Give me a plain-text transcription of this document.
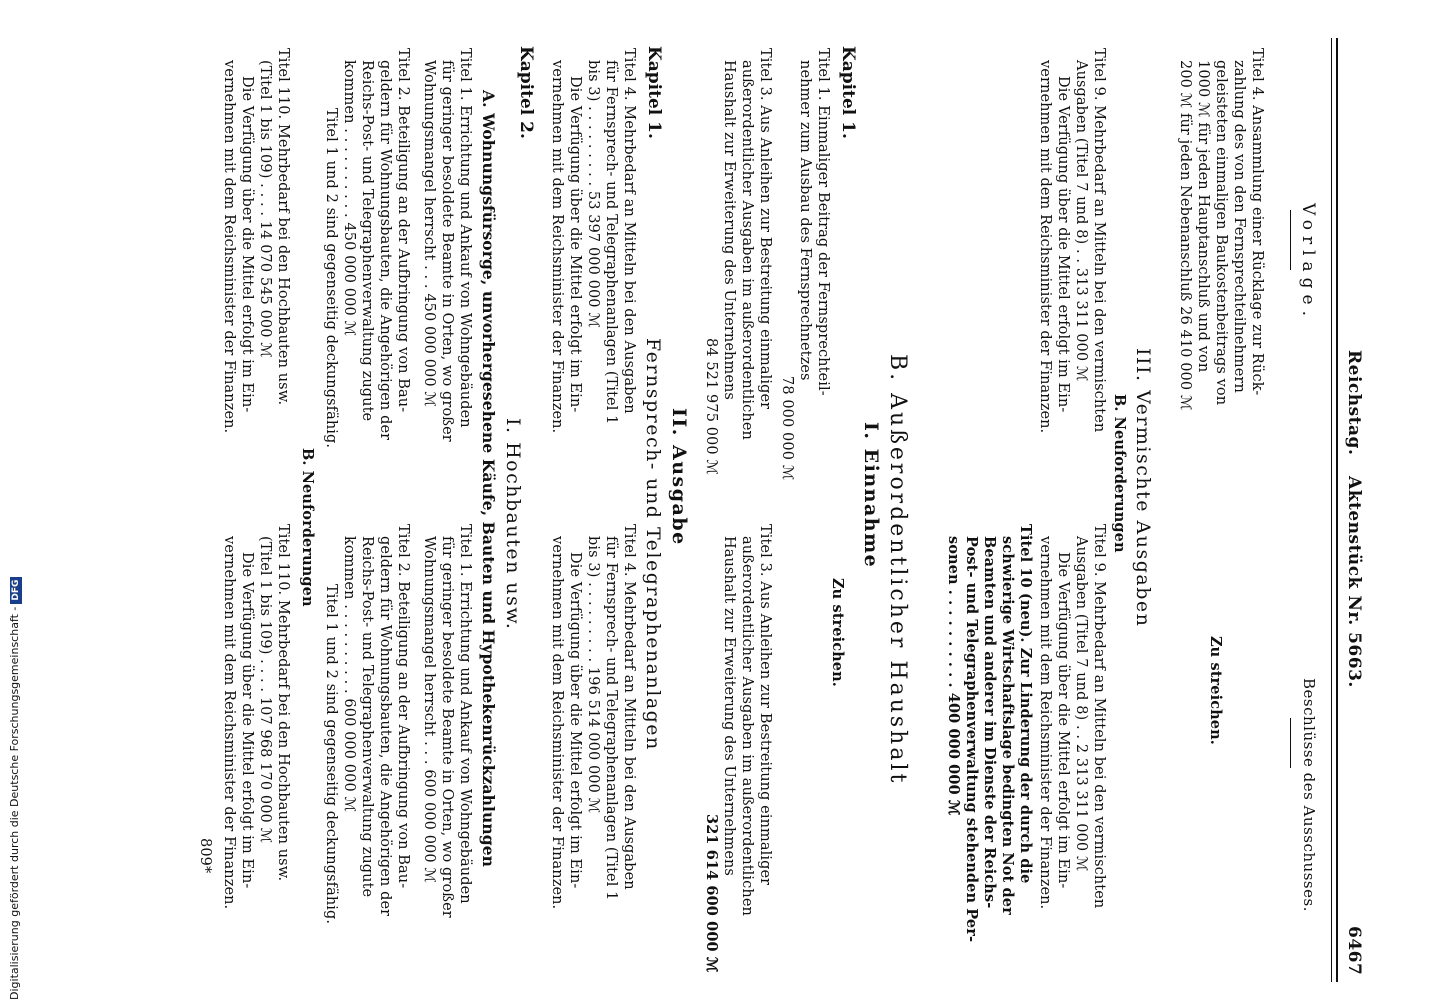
Reichstag.
Aktenstück Nr. 5663.
6467
Vorlage.
Beschlüsse des Ausschusses.
Titel 4. Ansammlung einer Rücklage zur Rück-
zahlung des von den Fernsprechteilnehmern
geleisteten einmaligen Baukostenbeitrags von
1000 ℳ für jeden Hauptanschluß und von
200 ℳ für jeden Nebenanschluß 26 410 000 ℳ
Zu streichen.
III. Vermischte Ausgaben
B. Neuforderungen
Titel 9. Mehrbedarf an Mitteln bei den vermischten
Ausgaben (Titel 7 und 8) . . 313 311 000 ℳ
Die Verfügung über die Mittel erfolgt im Ein-
vernehmen mit dem Reichsminister der Finanzen.
Titel 9. Mehrbedarf an Mitteln bei den vermischten
Ausgaben (Titel 7 und 8) . . 2 313 311 000 ℳ
Die Verfügung über die Mittel erfolgt im Ein-
vernehmen mit dem Reichsminister der Finanzen.
Titel 10 (neu). Zur Linderung der durch die
schwierige Wirtschaftslage bedingten Not der
Beamten und anderer im Dienste der Reichs-
Post- und Telegraphenverwaltung stehenden Per-
sonen . . . . . . . . . . 400 000 000 ℳ
B. Außerordentlicher Haushalt
I. Einnahme
Kapitel 1.
Zu streichen.
Titel 1. Einmaliger Beitrag der Fernsprechteil-
nehmer zum Ausbau des Fernsprechnetzes
78 000 000 ℳ
Titel 3. Aus Anleihen zur Bestreitung einmaliger
außerordentlicher Ausgaben im außerordentlichen
Haushalt zur Erweiterung des Unternehmens
84 521 975 000 ℳ
Titel 3. Aus Anleihen zur Bestreitung einmaliger
außerordentlicher Ausgaben im außerordentlichen
Haushalt zur Erweiterung des Unternehmens
321 614 600 000 ℳ
II. Ausgabe
Kapitel 1.
Fernsprech- und Telegraphenanlagen
Titel 4. Mehrbedarf an Mitteln bei den Ausgaben
für Fernsprech- und Telegraphenanlagen (Titel 1
bis 3) . . . . . . . . . 53 397 000 000 ℳ
Die Verfügung über die Mittel erfolgt im Ein-
vernehmen mit dem Reichsminister der Finanzen.
Titel 4. Mehrbedarf an Mitteln bei den Ausgaben
für Fernsprech- und Telegraphenanlagen (Titel 1
bis 3) . . . . . . . . . 196 514 000 000 ℳ
Die Verfügung über die Mittel erfolgt im Ein-
vernehmen mit dem Reichsminister der Finanzen.
Kapitel 2.
I. Hochbauten usw.
A. Wohnungsfürsorge, unvorhergesehene Käufe, Bauten und Hypothekenrückzahlungen
Titel 1. Errichtung und Ankauf von Wohngebäuden
für geringer besoldete Beamte in Orten, wo großer
Wohnungsmangel herrscht . . . 450 000 000 ℳ
Titel 1. Errichtung und Ankauf von Wohngebäuden
für geringer besoldete Beamte in Orten, wo großer
Wohnungsmangel herrscht . . . 600 000 000 ℳ
Titel 2. Beteiligung an der Aufbringung von Bau-
geldern für Wohnungsbauten, die Angehörigen der
Reichs-Post- und Telegraphenverwaltung zugute
kommen . . . . . . . . . . 450 000 000 ℳ
Titel 1 und 2 sind gegenseitig deckungsfähig.
Titel 2. Beteiligung an der Aufbringung von Bau-
geldern für Wohnungsbauten, die Angehörigen der
Reichs-Post- und Telegraphenverwaltung zugute
kommen . . . . . . . . . . 600 000 000 ℳ
Titel 1 und 2 sind gegenseitig deckungsfähig.
B. Neuforderungen
Titel 110. Mehrbedarf bei den Hochbauten usw.
(Titel 1 bis 109) . . . . 14 070 545 000 ℳ
Die Verfügung über die Mittel erfolgt im Ein-
vernehmen mit dem Reichsminister der Finanzen.
Titel 110. Mehrbedarf bei den Hochbauten usw.
(Titel 1 bis 109) . . . . 107 968 170 000 ℳ
Die Verfügung über die Mittel erfolgt im Ein-
vernehmen mit dem Reichsminister der Finanzen.
809*
Digitalisierung gefördert durch die Deutsche Forschungsgemeinschaft -DFG
